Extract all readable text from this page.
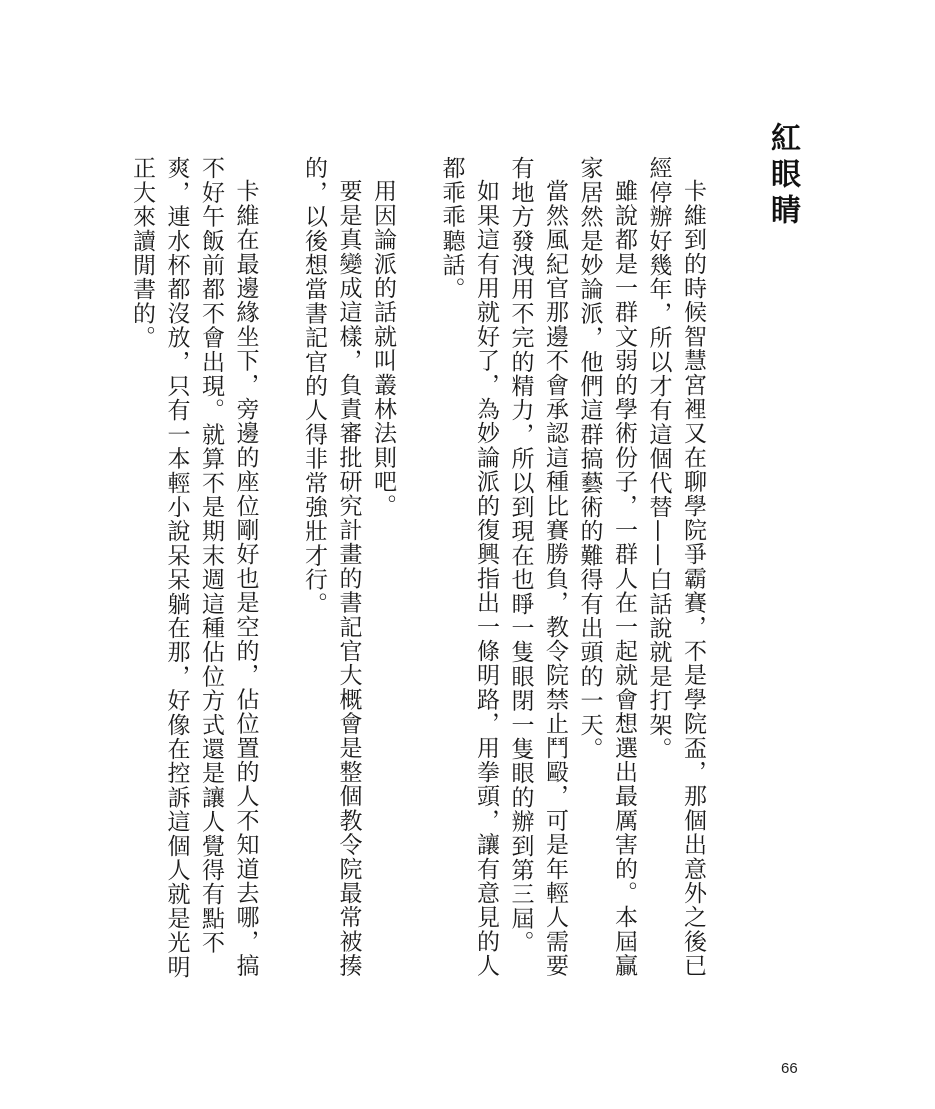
紅眼睛

卡維到的時候智慧宮裡又在聊學院爭霸賽，不是學院盃，那個出意外之後已經停辦好幾年，所以才有這個代替——白話說就是打架。

雖說都是一群文弱的學術份子，一群人在一起就會想選出最厲害的。本屆贏家居然是妙論派，他們這群搞藝術的難得有出頭的一天。

當然風紀官那邊不會承認這種比賽勝負，教令院禁止鬥毆，可是年輕人需要有地方發洩用不完的精力，所以到現在也睜一隻眼閉一隻眼的辦到第三屆。

如果這有用就好了，為妙論派的復興指出一條明路，用拳頭，讓有意見的人都乖乖聽話。

用因論派的話就叫叢林法則吧。

要是真變成這樣，負責審批研究計畫的書記官大概會是整個教令院最常被揍的，以後想當書記官的人得非常強壯才行。

卡維在最邊緣坐下，旁邊的座位剛好也是空的，佔位置的人不知道去哪，搞不好午飯前都不會出現。就算不是期末週這種佔位方式還是讓人覺得有點不爽，連水杯都沒放，只有一本輕小說呆呆躺在那，好像在控訴這個人就是光明正大來讀閒書的。

66
